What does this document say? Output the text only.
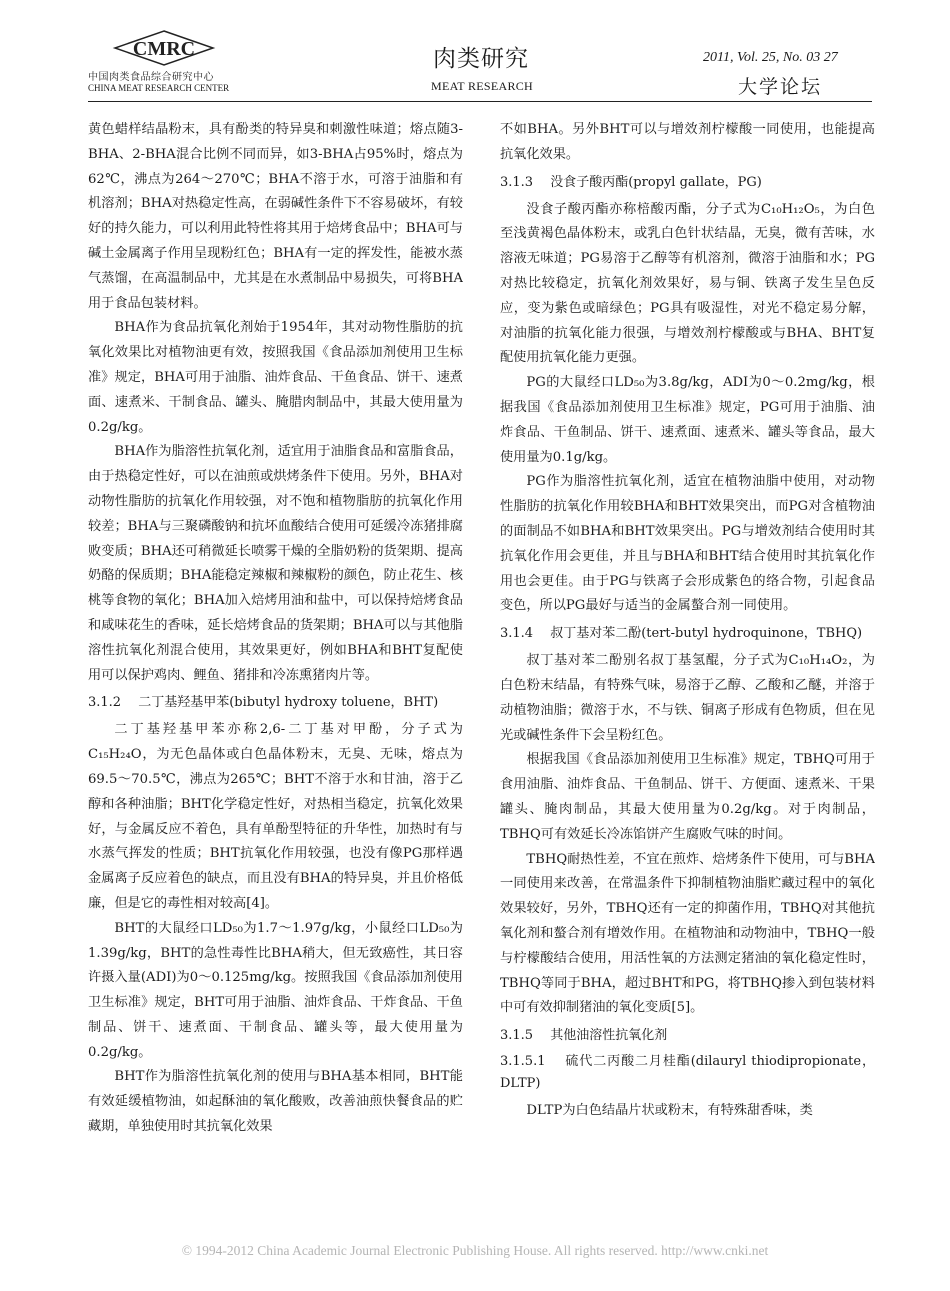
CMRC
中国肉类食品综合研究中心
CHINA MEAT RESEARCH CENTER
肉类研究
MEAT RESEARCH
2011, Vol. 25, No. 03 27
大学论坛

黄色蜡样结晶粉末，具有酚类的特异臭和刺激性味道；熔点随3-BHA、2-BHA混合比例不同而异，如3-BHA占95%时，熔点为62℃，沸点为264～270℃；BHA不溶于水，可溶于油脂和有机溶剂；BHA对热稳定性高，在弱碱性条件下不容易破坏，有较好的持久能力，可以利用此特性将其用于焙烤食品中；BHA可与碱土金属离子作用呈现粉红色；BHA有一定的挥发性，能被水蒸气蒸馏，在高温制品中，尤其是在水煮制品中易损失，可将BHA用于食品包装材料。

BHA作为食品抗氧化剂始于1954年，其对动物性脂肪的抗氧化效果比对植物油更有效，按照我国《食品添加剂使用卫生标准》规定，BHA可用于油脂、油炸食品、干鱼食品、饼干、速煮面、速煮米、干制食品、罐头、腌腊肉制品中，其最大使用量为0.2g/kg。

BHA作为脂溶性抗氧化剂，适宜用于油脂食品和富脂食品，由于热稳定性好，可以在油煎或烘烤条件下使用。另外，BHA对动物性脂肪的抗氧化作用较强，对不饱和植物脂肪的抗氧化作用较差；BHA与三聚磷酸钠和抗坏血酸结合使用可延缓冷冻猪排腐败变质；BHA还可稍微延长喷雾干燥的全脂奶粉的货架期、提高奶酪的保质期；BHA能稳定辣椒和辣椒粉的颜色，防止花生、核桃等食物的氧化；BHA加入焙烤用油和盐中，可以保持焙烤食品和咸味花生的香味，延长焙烤食品的货架期；BHA可以与其他脂溶性抗氧化剂混合使用，其效果更好，例如BHA和BHT复配使用可以保护鸡肉、鲤鱼、猪排和冷冻熏猪肉片等。

3.1.2　 二丁基羟基甲苯(bibutyl hydroxy toluene，BHT)

二丁基羟基甲苯亦称2,6-二丁基对甲酚，分子式为C₁₅H₂₄O，为无色晶体或白色晶体粉末，无臭、无味，熔点为69.5～70.5℃，沸点为265℃；BHT不溶于水和甘油，溶于乙醇和各种油脂；BHT化学稳定性好，对热相当稳定，抗氧化效果好，与金属反应不着色，具有单酚型特征的升华性，加热时有与水蒸气挥发的性质；BHT抗氧化作用较强，也没有像PG那样遇金属离子反应着色的缺点，而且没有BHA的特异臭，并且价格低廉，但是它的毒性相对较高[4]。

BHT的大鼠经口LD₅₀为1.7～1.97g/kg，小鼠经口LD₅₀为1.39g/kg，BHT的急性毒性比BHA稍大，但无致癌性，其日容许摄入量(ADI)为0～0.125mg/kg。按照我国《食品添加剂使用卫生标准》规定，BHT可用于油脂、油炸食品、干炸食品、干鱼制品、饼干、速煮面、干制食品、罐头等，最大使用量为0.2g/kg。

BHT作为脂溶性抗氧化剂的使用与BHA基本相同，BHT能有效延缓植物油，如起酥油的氧化酸败，改善油煎快餐食品的贮藏期，单独使用时其抗氧化效果

不如BHA。另外BHT可以与增效剂柠檬酸一同使用，也能提高抗氧化效果。

3.1.3　 没食子酸丙酯(propyl gallate，PG)

没食子酸丙酯亦称棓酸丙酯，分子式为C₁₀H₁₂O₅，为白色至浅黄褐色晶体粉末，或乳白色针状结晶，无臭，微有苦味，水溶液无味道；PG易溶于乙醇等有机溶剂，微溶于油脂和水；PG对热比较稳定，抗氧化剂效果好，易与铜、铁离子发生呈色反应，变为紫色或暗绿色；PG具有吸湿性，对光不稳定易分解，对油脂的抗氧化能力很强，与增效剂柠檬酸或与BHA、BHT复配使用抗氧化能力更强。

PG的大鼠经口LD₅₀为3.8g/kg，ADI为0～0.2mg/kg，根据我国《食品添加剂使用卫生标准》规定，PG可用于油脂、油炸食品、干鱼制品、饼干、速煮面、速煮米、罐头等食品，最大使用量为0.1g/kg。

PG作为脂溶性抗氧化剂，适宜在植物油脂中使用，对动物性脂肪的抗氧化作用较BHA和BHT效果突出，而PG对含植物油的面制品不如BHA和BHT效果突出。PG与增效剂结合使用时其抗氧化作用会更佳，并且与BHA和BHT结合使用时其抗氧化作用也会更佳。由于PG与铁离子会形成紫色的络合物，引起食品变色，所以PG最好与适当的金属螯合剂一同使用。

3.1.4　 叔丁基对苯二酚(tert-butyl hydroquinone，TBHQ)

叔丁基对苯二酚别名叔丁基氢醌，分子式为C₁₀H₁₄O₂，为白色粉末结晶，有特殊气味，易溶于乙醇、乙酸和乙醚，并溶于动植物油脂；微溶于水，不与铁、铜离子形成有色物质，但在见光或碱性条件下会呈粉红色。

根据我国《食品添加剂使用卫生标准》规定，TBHQ可用于食用油脂、油炸食品、干鱼制品、饼干、方便面、速煮米、干果罐头、腌肉制品，其最大使用量为0.2g/kg。对于肉制品，TBHQ可有效延长冷冻馅饼产生腐败气味的时间。

TBHQ耐热性差，不宜在煎炸、焙烤条件下使用，可与BHA一同使用来改善，在常温条件下抑制植物油脂贮藏过程中的氧化效果较好，另外，TBHQ还有一定的抑菌作用，TBHQ对其他抗氧化剂和螯合剂有增效作用。在植物油和动物油中，TBHQ一般与柠檬酸结合使用，用活性氧的方法测定猪油的氧化稳定性时，TBHQ等同于BHA，超过BHT和PG，将TBHQ掺入到包装材料中可有效抑制猪油的氧化变质[5]。

3.1.5　 其他油溶性抗氧化剂

3.1.5.1　 硫代二丙酸二月桂酯(dilauryl thiodipropionate，DLTP)

DLTP为白色结晶片状或粉末，有特殊甜香味，类

© 1994-2012 China Academic Journal Electronic Publishing House. All rights reserved. http://www.cnki.net
